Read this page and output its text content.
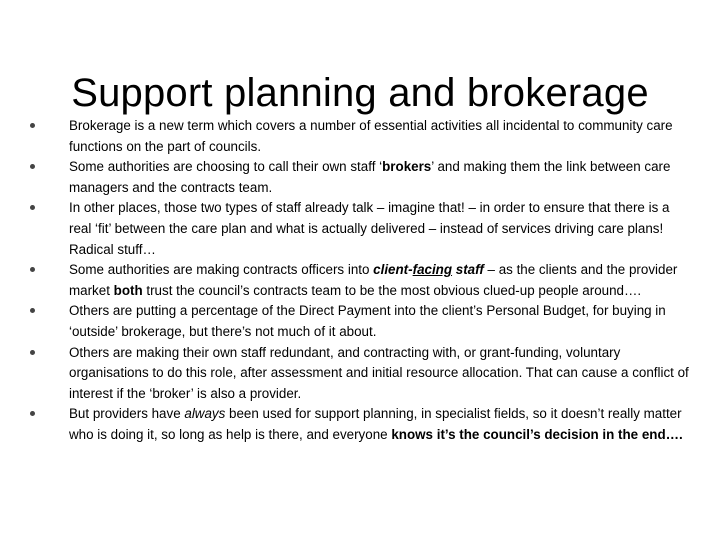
Support planning and brokerage
Brokerage is a new term which covers a number of essential activities all incidental to community care functions on the part of councils.
Some authorities are choosing to call their own staff ‘brokers’ and making them the link between care managers and the contracts team.
In other places, those two types of staff already talk – imagine that! – in order to ensure that there is a real ‘fit’ between the care plan and what is actually delivered – instead of services driving care plans! Radical stuff…
Some authorities are making contracts officers into client-facing staff – as the clients and the provider market both trust the council’s contracts team to be the most obvious clued-up people around….
Others are putting a percentage of the Direct Payment into the client’s Personal Budget, for buying in ‘outside’ brokerage, but there’s not much of it about.
Others are making their own staff redundant, and contracting with, or grant-funding, voluntary organisations to do this role, after assessment and initial resource allocation. That can cause a conflict of interest if the ‘broker’ is also a provider.
But providers have always been used for support planning, in specialist fields, so it doesn’t really matter who is doing it, so long as help is there, and everyone knows it’s the council’s decision in the end….
